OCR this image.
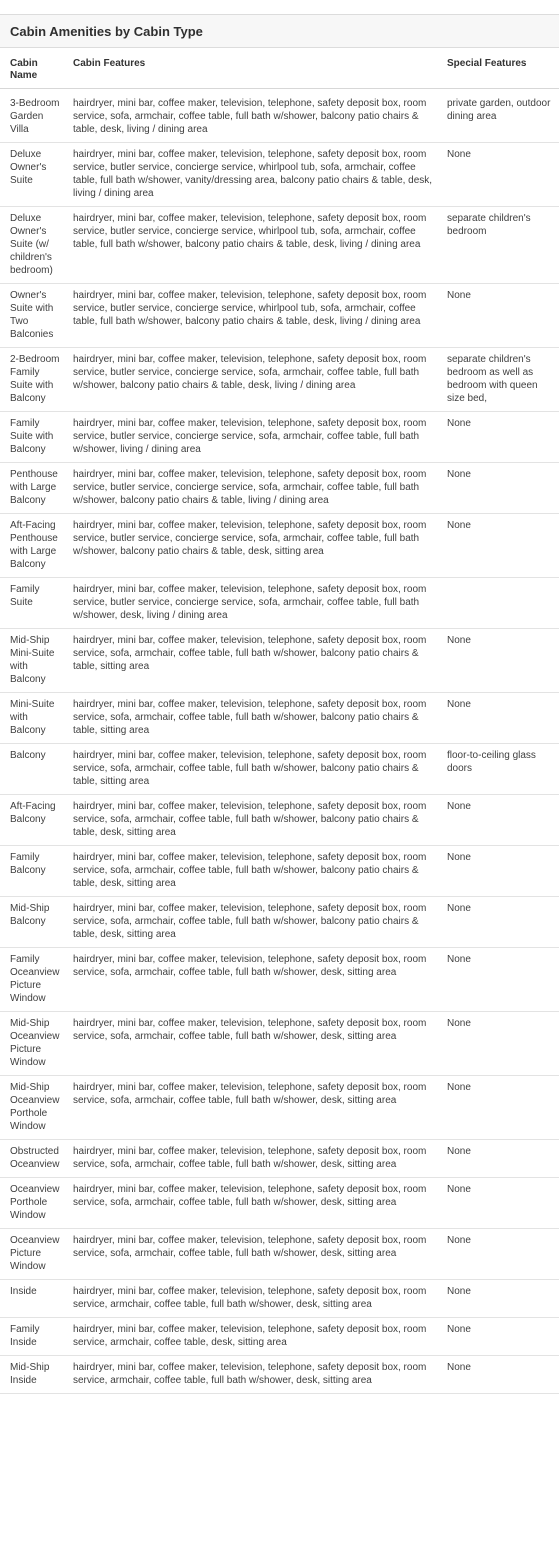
Cabin Amenities by Cabin Type
Cabin Name	Cabin Features	Special Features
3-Bedroom Garden Villa	hairdryer, mini bar, coffee maker, television, telephone, safety deposit box, room service, sofa, armchair, coffee table, full bath w/shower, balcony patio chairs & table, desk, living / dining area	private garden, outdoor dining area
Deluxe Owner's Suite	hairdryer, mini bar, coffee maker, television, telephone, safety deposit box, room service, butler service, concierge service, whirlpool tub, sofa, armchair, coffee table, full bath w/shower, vanity/dressing area, balcony patio chairs & table, desk, living / dining area	None
Deluxe Owner's Suite (w/ children's bedroom)	hairdryer, mini bar, coffee maker, television, telephone, safety deposit box, room service, butler service, concierge service, whirlpool tub, sofa, armchair, coffee table, full bath w/shower, balcony patio chairs & table, desk, living / dining area	separate children's bedroom
Owner's Suite with Two Balconies	hairdryer, mini bar, coffee maker, television, telephone, safety deposit box, room service, butler service, concierge service, whirlpool tub, sofa, armchair, coffee table, full bath w/shower, balcony patio chairs & table, desk, living / dining area	None
2-Bedroom Family Suite with Balcony	hairdryer, mini bar, coffee maker, television, telephone, safety deposit box, room service, butler service, concierge service, sofa, armchair, coffee table, full bath w/shower, balcony patio chairs & table, desk, living / dining area	separate children's bedroom as well as bedroom with queen size bed,
Family Suite with Balcony	hairdryer, mini bar, coffee maker, television, telephone, safety deposit box, room service, butler service, concierge service, sofa, armchair, coffee table, full bath w/shower, living / dining area	None
Penthouse with Large Balcony	hairdryer, mini bar, coffee maker, television, telephone, safety deposit box, room service, butler service, concierge service, sofa, armchair, coffee table, full bath w/shower, balcony patio chairs & table, living / dining area	None
Aft-Facing Penthouse with Large Balcony	hairdryer, mini bar, coffee maker, television, telephone, safety deposit box, room service, butler service, concierge service, sofa, armchair, coffee table, full bath w/shower, balcony patio chairs & table, desk, sitting area	None
Family Suite	hairdryer, mini bar, coffee maker, television, telephone, safety deposit box, room service, butler service, concierge service, sofa, armchair, coffee table, full bath w/shower, desk, living / dining area	
Mid-Ship Mini-Suite with Balcony	hairdryer, mini bar, coffee maker, television, telephone, safety deposit box, room service, sofa, armchair, coffee table, full bath w/shower, balcony patio chairs & table, sitting area	None
Mini-Suite with Balcony	hairdryer, mini bar, coffee maker, television, telephone, safety deposit box, room service, sofa, armchair, coffee table, full bath w/shower, balcony patio chairs & table, sitting area	None
Balcony	hairdryer, mini bar, coffee maker, television, telephone, safety deposit box, room service, sofa, armchair, coffee table, full bath w/shower, balcony patio chairs & table, sitting area	floor-to-ceiling glass doors
Aft-Facing Balcony	hairdryer, mini bar, coffee maker, television, telephone, safety deposit box, room service, sofa, armchair, coffee table, full bath w/shower, balcony patio chairs & table, desk, sitting area	None
Family Balcony	hairdryer, mini bar, coffee maker, television, telephone, safety deposit box, room service, sofa, armchair, coffee table, full bath w/shower, balcony patio chairs & table, desk, sitting area	None
Mid-Ship Balcony	hairdryer, mini bar, coffee maker, television, telephone, safety deposit box, room service, sofa, armchair, coffee table, full bath w/shower, balcony patio chairs & table, desk, sitting area	None
Family Oceanview Picture Window	hairdryer, mini bar, coffee maker, television, telephone, safety deposit box, room service, sofa, armchair, coffee table, full bath w/shower, desk, sitting area	None
Mid-Ship Oceanview Picture Window	hairdryer, mini bar, coffee maker, television, telephone, safety deposit box, room service, sofa, armchair, coffee table, full bath w/shower, desk, sitting area	None
Mid-Ship Oceanview Porthole Window	hairdryer, mini bar, coffee maker, television, telephone, safety deposit box, room service, sofa, armchair, coffee table, full bath w/shower, desk, sitting area	None
Obstructed Oceanview	hairdryer, mini bar, coffee maker, television, telephone, safety deposit box, room service, sofa, armchair, coffee table, full bath w/shower, desk, sitting area	None
Oceanview Porthole Window	hairdryer, mini bar, coffee maker, television, telephone, safety deposit box, room service, sofa, armchair, coffee table, full bath w/shower, desk, sitting area	None
Oceanview Picture Window	hairdryer, mini bar, coffee maker, television, telephone, safety deposit box, room service, sofa, armchair, coffee table, full bath w/shower, desk, sitting area	None
Inside	hairdryer, mini bar, coffee maker, television, telephone, safety deposit box, room service, armchair, coffee table, full bath w/shower, desk, sitting area	None
Family Inside	hairdryer, mini bar, coffee maker, television, telephone, safety deposit box, room service, armchair, coffee table, desk, sitting area	None
Mid-Ship Inside	hairdryer, mini bar, coffee maker, television, telephone, safety deposit box, room service, armchair, coffee table, full bath w/shower, desk, sitting area	None
